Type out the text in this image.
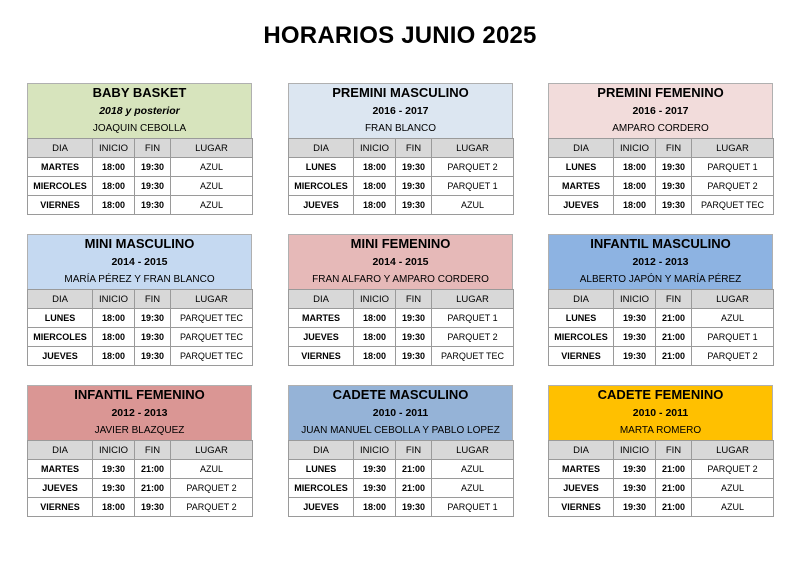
HORARIOS JUNIO 2025
BABY BASKET
2018 y posterior
JOAQUIN CEBOLLA
DIA	INICIO	FIN	LUGAR
MARTES	18:00	19:30	AZUL
MIERCOLES	18:00	19:30	AZUL
VIERNES	18:00	19:30	AZUL
PREMINI MASCULINO
2016 - 2017
FRAN BLANCO
DIA	INICIO	FIN	LUGAR
LUNES	18:00	19:30	PARQUET 2
MIERCOLES	18:00	19:30	PARQUET 1
JUEVES	18:00	19:30	AZUL
PREMINI FEMENINO
2016 - 2017
AMPARO CORDERO
DIA	INICIO	FIN	LUGAR
LUNES	18:00	19:30	PARQUET 1
MARTES	18:00	19:30	PARQUET 2
JUEVES	18:00	19:30	PARQUET TEC
MINI MASCULINO
2014 - 2015
MARÍA PÉREZ Y FRAN BLANCO
DIA	INICIO	FIN	LUGAR
LUNES	18:00	19:30	PARQUET TEC
MIERCOLES	18:00	19:30	PARQUET TEC
JUEVES	18:00	19:30	PARQUET TEC
MINI FEMENINO
2014 - 2015
FRAN ALFARO Y AMPARO CORDERO
DIA	INICIO	FIN	LUGAR
MARTES	18:00	19:30	PARQUET 1
JUEVES	18:00	19:30	PARQUET 2
VIERNES	18:00	19:30	PARQUET TEC
INFANTIL MASCULINO
2012 - 2013
ALBERTO JAPÓN Y MARÍA PÉREZ
DIA	INICIO	FIN	LUGAR
LUNES	19:30	21:00	AZUL
MIERCOLES	19:30	21:00	PARQUET 1
VIERNES	19:30	21:00	PARQUET 2
INFANTIL FEMENINO
2012 - 2013
JAVIER BLAZQUEZ
DIA	INICIO	FIN	LUGAR
MARTES	19:30	21:00	AZUL
JUEVES	19:30	21:00	PARQUET 2
VIERNES	18:00	19:30	PARQUET 2
CADETE MASCULINO
2010 - 2011
JUAN MANUEL CEBOLLA Y PABLO LOPEZ
DIA	INICIO	FIN	LUGAR
LUNES	19:30	21:00	AZUL
MIERCOLES	19:30	21:00	AZUL
JUEVES	18:00	19:30	PARQUET 1
CADETE FEMENINO
2010 - 2011
MARTA ROMERO
DIA	INICIO	FIN	LUGAR
MARTES	19:30	21:00	PARQUET 2
JUEVES	19:30	21:00	AZUL
VIERNES	19:30	21:00	AZUL
